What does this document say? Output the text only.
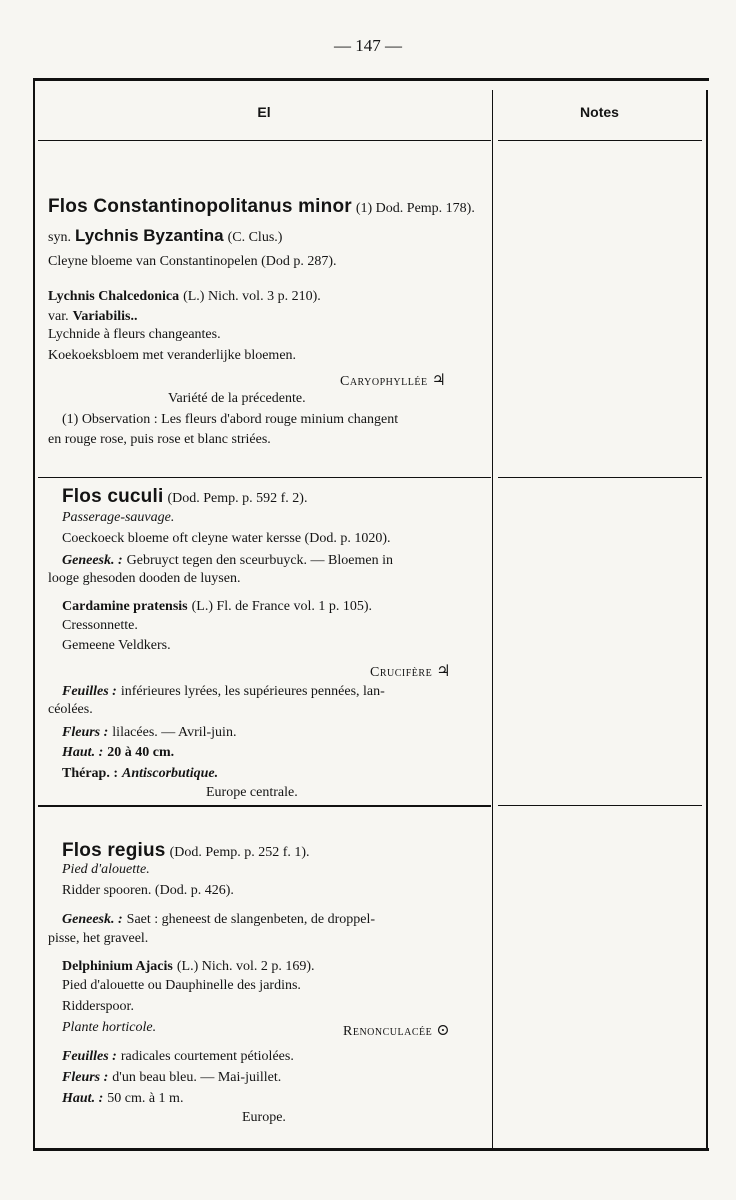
— 147 —
El	Notes
Flos Constantinopolitanus minor (1) Dod. Pemp. 178).
syn. Lychnis Byzantina (C. Clus.)
Cleyne bloeme van Constantinopelen (Dod p. 287).
Lychnis Chalcedonica (L.) Nich. vol. 3 p. 210).
var. Variabilis..
Lychnide à fleurs changeantes.
Koekoeksbloem met veranderlijke bloemen.
Caryophyllée ♃
Variété de la précedente.
(1) Observation : Les fleurs d'abord rouge minium changent
en rouge rose, puis rose et blanc striées.
Flos cuculi (Dod. Pemp. p. 592 f. 2).
Passerage-sauvage.
Coeckoeck bloeme oft cleyne water kersse (Dod. p. 1020).
Geneesk. : Gebruyct tegen den sceurbuyck. — Bloemen in
looge ghesoden dooden de luysen.
Cardamine pratensis (L.) Fl. de France vol. 1 p. 105).
Cressonnette.
Gemeene Veldkers.
Crucifère ♃
Feuilles : inférieures lyrées, les supérieures pennées, lan-
céolées.
Fleurs : lilacées. — Avril-juin.
Haut. : 20 à 40 cm.
Thérap. : Antiscorbutique.
Europe centrale.
Flos regius (Dod. Pemp. p. 252 f. 1).
Pied d'alouette.
Ridder spooren. (Dod. p. 426).
Geneesk. : Saet : gheneest de slangenbeten, de droppel-
pisse, het graveel.
Delphinium Ajacis (L.) Nich. vol. 2 p. 169).
Pied d'alouette ou Dauphinelle des jardins.
Ridderspoor.
Plante horticole.	Renonculacée ⊙
Feuilles : radicales courtement pétiolées.
Fleurs : d'un beau bleu. — Mai-juillet.
Haut. : 50 cm. à 1 m.
Europe.
